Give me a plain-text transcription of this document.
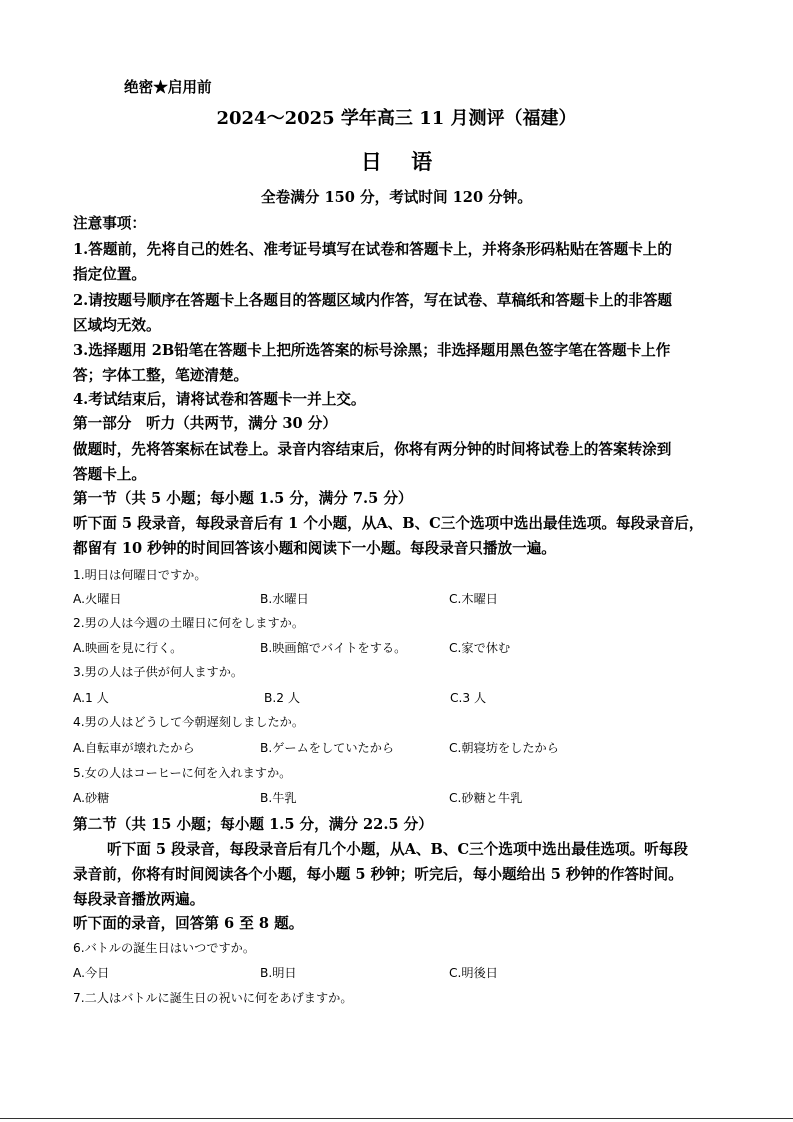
绝密★启用前
2024～2025 学年高三 11 月测评（福建）
日 语
全卷满分 150 分，考试时间 120 分钟。
注意事项：
1.答题前，先将自己的姓名、准考证号填写在试卷和答题卡上，并将条形码粘贴在答题卡上的
指定位置。
2.请按题号顺序在答题卡上各题目的答题区域内作答，写在试卷、草稿纸和答题卡上的非答题
区域均无效。
3.选择题用 2B铅笔在答题卡上把所选答案的标号涂黑；非选择题用黑色签字笔在答题卡上作
答；字体工整，笔迹清楚。
4.考试结束后，请将试卷和答题卡一并上交。
第一部分　听力（共两节，满分 30 分）
做题时，先将答案标在试卷上。录音内容结束后，你将有两分钟的时间将试卷上的答案转涂到
答题卡上。
第一节（共 5 小题；每小题 1.5 分，满分 7.5 分）
听下面 5 段录音，每段录音后有 1 个小题，从A、B、C三个选项中选出最佳选项。每段录音后，
都留有 10 秒钟的时间回答该小题和阅读下一小题。每段录音只播放一遍。
1.明日は何曜日ですか。
A.火曜日	B.水曜日	C.木曜日
2.男の人は今週の土曜日に何をしますか。
A.映画を見に行く。	B.映画館でバイトをする。	C.家で休む
3.男の人は子供が何人ますか。
A.1 人	B.2 人	C.3 人
4.男の人はどうして今朝遅刻しましたか。
A.自転車が壊れたから	B.ゲームをしていたから	C.朝寝坊をしたから
5.女の人はコーヒーに何を入れますか。
A.砂糖	B.牛乳	C.砂糖と牛乳
第二节（共 15 小题；每小题 1.5 分，满分 22.5 分）
听下面 5 段录音，每段录音后有几个小题，从A、B、C三个选项中选出最佳选项。听每段
录音前，你将有时间阅读各个小题，每小题 5 秒钟；听完后，每小题给出 5 秒钟的作答时间。
每段录音播放两遍。
听下面的录音，回答第 6 至 8 题。
6.バトルの誕生日はいつですか。
A.今日	B.明日	C.明後日
7.二人はバトルに誕生日の祝いに何をあげますか。
